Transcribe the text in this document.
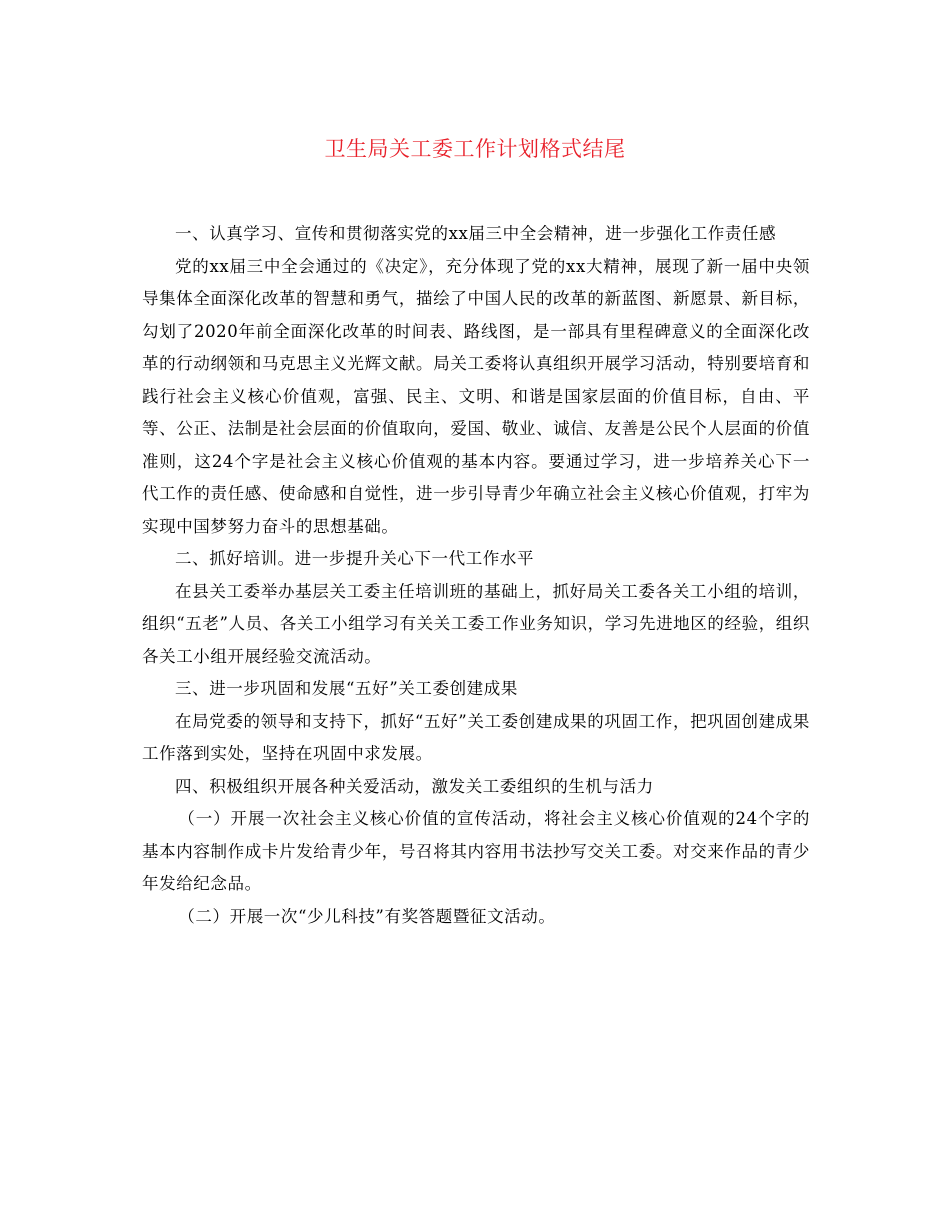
卫生局关工委工作计划格式结尾

一、认真学习、宣传和贯彻落实党的xx届三中全会精神，进一步强化工作责任感

党的xx届三中全会通过的《决定》，充分体现了党的xx大精神，展现了新一届中央领导集体全面深化改革的智慧和勇气，描绘了中国人民的改革的新蓝图、新愿景、新目标，勾划了2020年前全面深化改革的时间表、路线图，是一部具有里程碑意义的全面深化改革的行动纲领和马克思主义光辉文献。局关工委将认真组织开展学习活动，特别要培育和践行社会主义核心价值观，富强、民主、文明、和谐是国家层面的价值目标，自由、平等、公正、法制是社会层面的价值取向，爱国、敬业、诚信、友善是公民个人层面的价值准则，这24个字是社会主义核心价值观的基本内容。要通过学习，进一步培养关心下一代工作的责任感、使命感和自觉性，进一步引导青少年确立社会主义核心价值观，打牢为实现中国梦努力奋斗的思想基础。

二、抓好培训。进一步提升关心下一代工作水平

在县关工委举办基层关工委主任培训班的基础上，抓好局关工委各关工小组的培训，组织“五老”人员、各关工小组学习有关关工委工作业务知识，学习先进地区的经验，组织各关工小组开展经验交流活动。

三、进一步巩固和发展“五好”关工委创建成果

在局党委的领导和支持下，抓好“五好”关工委创建成果的巩固工作，把巩固创建成果工作落到实处，坚持在巩固中求发展。

四、积极组织开展各种关爱活动，激发关工委组织的生机与活力

（一）开展一次社会主义核心价值的宣传活动，将社会主义核心价值观的24个字的基本内容制作成卡片发给青少年，号召将其内容用书法抄写交关工委。对交来作品的青少年发给纪念品。

（二）开展一次“少儿科技”有奖答题暨征文活动。
